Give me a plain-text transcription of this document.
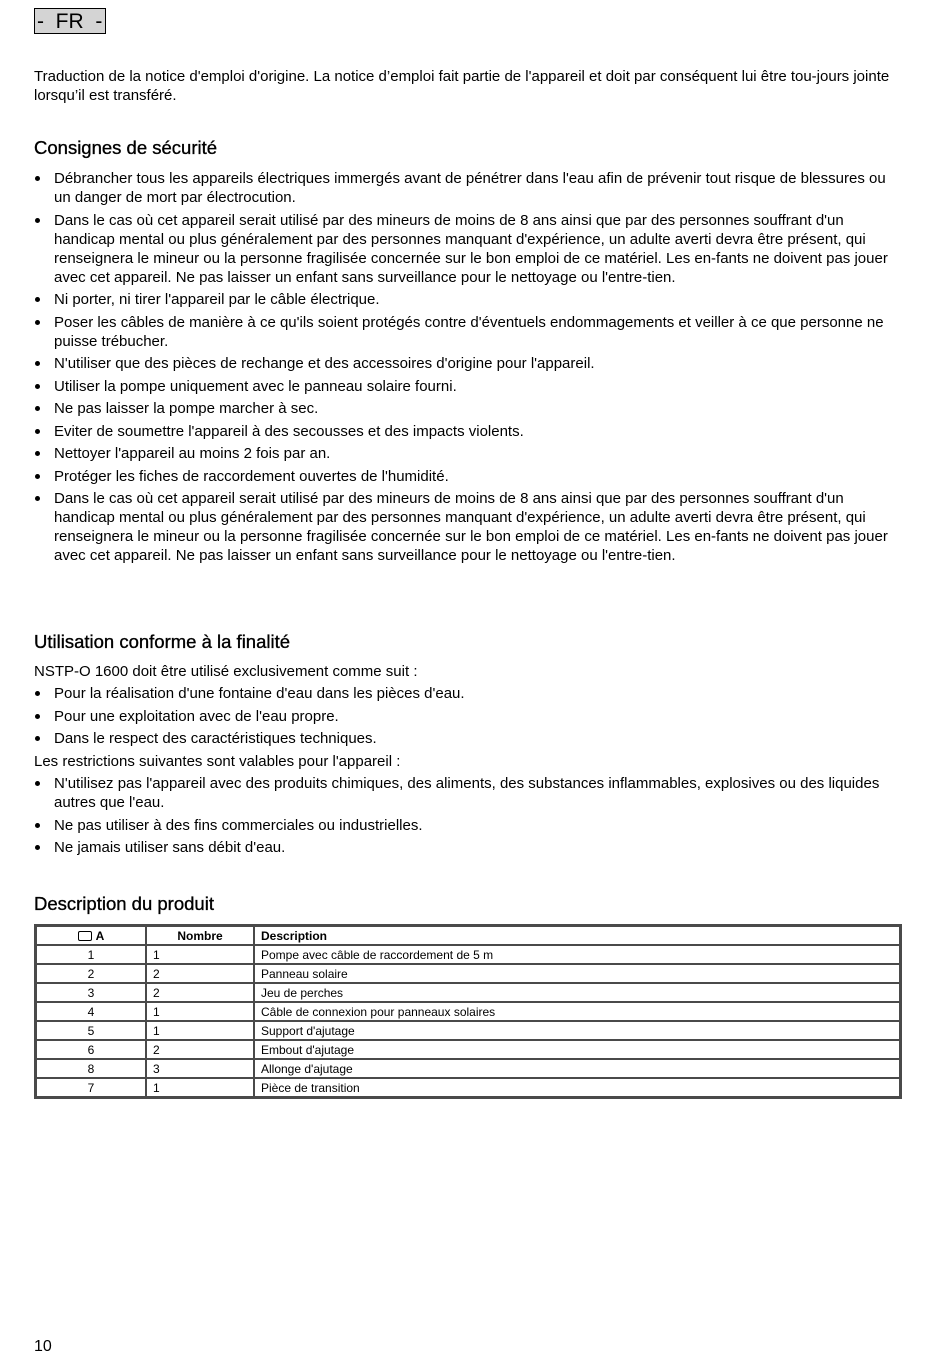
-  FR  -

Traduction de la notice d'emploi d'origine. La notice d’emploi fait partie de l'appareil et doit par conséquent lui être tou-jours jointe lorsqu’il est transféré.

Consignes de sécurité
Débrancher tous les appareils électriques immergés avant de pénétrer dans l'eau afin de prévenir tout risque de blessures ou un danger de mort par électrocution.
Dans le cas où cet appareil serait utilisé par des mineurs de moins de 8 ans ainsi que par des personnes souffrant d'un handicap mental ou plus généralement par des personnes manquant d'expérience, un adulte averti devra être présent, qui renseignera le mineur ou la personne fragilisée concernée sur le bon emploi de ce matériel. Les en-fants ne doivent pas jouer avec cet appareil. Ne pas laisser un enfant sans surveillance pour le nettoyage ou l'entre-tien.
Ni porter, ni tirer l'appareil par le câble électrique.
Poser les câbles de manière à ce qu'ils soient protégés contre d'éventuels endommagements et veiller à ce que personne ne puisse trébucher.
N'utiliser que des pièces de rechange et des accessoires d'origine pour l'appareil.
Utiliser la pompe uniquement avec le panneau solaire fourni.
Ne pas laisser la pompe marcher à sec.
Eviter de soumettre l'appareil à des secousses et des impacts violents.
Nettoyer l'appareil au moins 2 fois par an.
Protéger les fiches de raccordement ouvertes de l'humidité.
Dans le cas où cet appareil serait utilisé par des mineurs de moins de 8 ans ainsi que par des personnes souffrant d'un handicap mental ou plus généralement par des personnes manquant d'expérience, un adulte averti devra être présent, qui renseignera le mineur ou la personne fragilisée concernée sur le bon emploi de ce matériel. Les en-fants ne doivent pas jouer avec cet appareil. Ne pas laisser un enfant sans surveillance pour le nettoyage ou l'entre-tien.
Utilisation conforme à la finalité

NSTP-O 1600 doit être utilisé exclusivement comme suit :

Pour la réalisation d'une fontaine d'eau dans les pièces d'eau.
Pour une exploitation avec de l'eau propre.
Dans le respect des caractéristiques techniques.

Les restrictions suivantes sont valables pour l'appareil :

N'utilisez pas l'appareil avec des produits chimiques, des aliments, des substances inflammables, explosives ou des liquides autres que l'eau.
Ne pas utiliser à des fins commerciales ou industrielles.
Ne jamais utiliser sans débit d'eau.
Description du produit
A	Nombre	Description
1	1	Pompe avec câble de raccordement de 5 m
2	2	Panneau solaire
3	2	Jeu de perches
4	1	Câble de connexion pour panneaux solaires
5	1	Support d'ajutage
6	2	Embout d'ajutage
8	3	Allonge d'ajutage
7	1	Pièce de transition
10
